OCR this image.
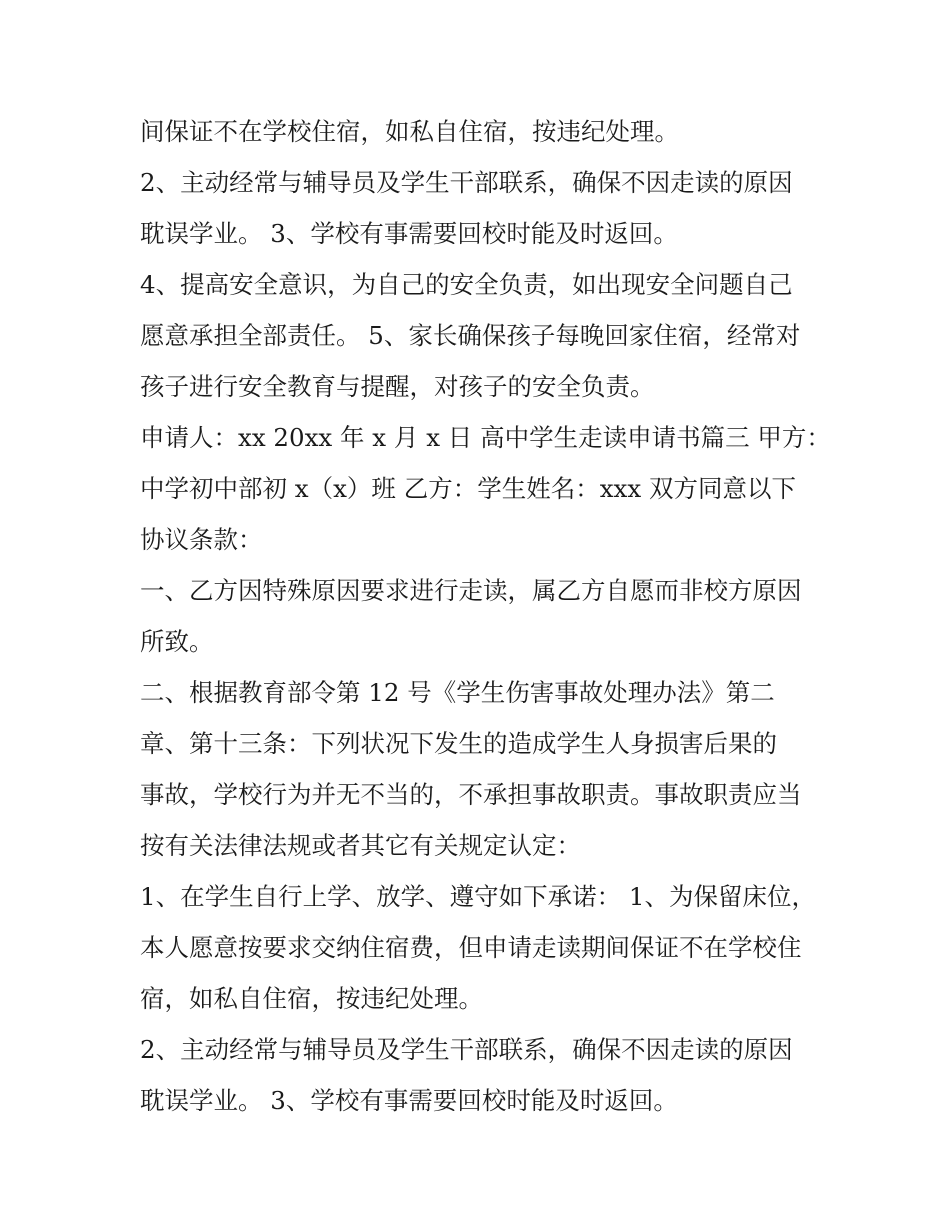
间保证不在学校住宿，如私自住宿，按违纪处理。
2、主动经常与辅导员及学生干部联系，确保不因走读的原因
耽误学业。 3、学校有事需要回校时能及时返回。
4、提高安全意识，为自己的安全负责，如出现安全问题自己
愿意承担全部责任。 5、家长确保孩子每晚回家住宿，经常对
孩子进行安全教育与提醒，对孩子的安全负责。
申请人：xx 20xx 年 x 月 x 日 高中学生走读申请书篇三 甲方：
中学初中部初 x（x）班 乙方：学生姓名：xxx 双方同意以下
协议条款：
一、乙方因特殊原因要求进行走读，属乙方自愿而非校方原因
所致。
二、根据教育部令第 12 号《学生伤害事故处理办法》第二
章、第十三条：下列状况下发生的造成学生人身损害后果的
事故，学校行为并无不当的，不承担事故职责。事故职责应当
按有关法律法规或者其它有关规定认定：
1、在学生自行上学、放学、遵守如下承诺： 1、为保留床位，
本人愿意按要求交纳住宿费，但申请走读期间保证不在学校住
宿，如私自住宿，按违纪处理。
2、主动经常与辅导员及学生干部联系，确保不因走读的原因
耽误学业。 3、学校有事需要回校时能及时返回。
